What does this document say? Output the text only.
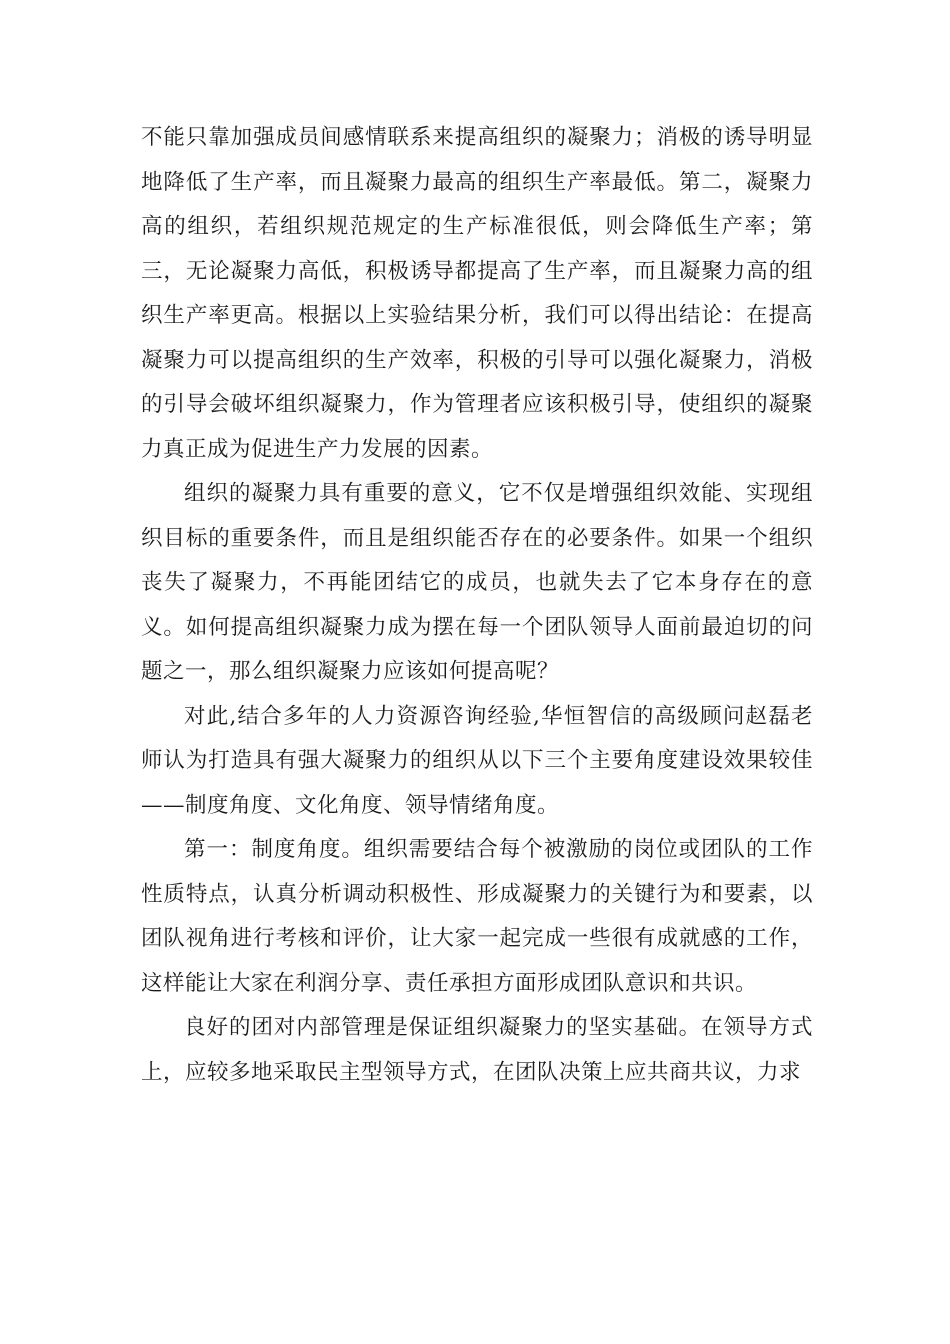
不能只靠加强成员间感情联系来提高组织的凝聚力；消极的诱导明显地降低了生产率，而且凝聚力最高的组织生产率最低。第二，凝聚力高的组织，若组织规范规定的生产标准很低，则会降低生产率；第三，无论凝聚力高低，积极诱导都提高了生产率，而且凝聚力高的组织生产率更高。根据以上实验结果分析，我们可以得出结论：在提高凝聚力可以提高组织的生产效率，积极的引导可以强化凝聚力，消极的引导会破坏组织凝聚力，作为管理者应该积极引导，使组织的凝聚力真正成为促进生产力发展的因素。

组织的凝聚力具有重要的意义，它不仅是增强组织效能、实现组织目标的重要条件，而且是组织能否存在的必要条件。如果一个组织丧失了凝聚力，不再能团结它的成员，也就失去了它本身存在的意义。如何提高组织凝聚力成为摆在每一个团队领导人面前最迫切的问题之一，那么组织凝聚力应该如何提高呢？

对此,结合多年的人力资源咨询经验,华恒智信的高级顾问赵磊老师认为打造具有强大凝聚力的组织从以下三个主要角度建设效果较佳——制度角度、文化角度、领导情绪角度。

第一：制度角度。组织需要结合每个被激励的岗位或团队的工作性质特点，认真分析调动积极性、形成凝聚力的关键行为和要素，以团队视角进行考核和评价，让大家一起完成一些很有成就感的工作，这样能让大家在利润分享、责任承担方面形成团队意识和共识。

良好的团对内部管理是保证组织凝聚力的坚实基础。在领导方式上，应较多地采取民主型领导方式，在团队决策上应共商共议，力求
